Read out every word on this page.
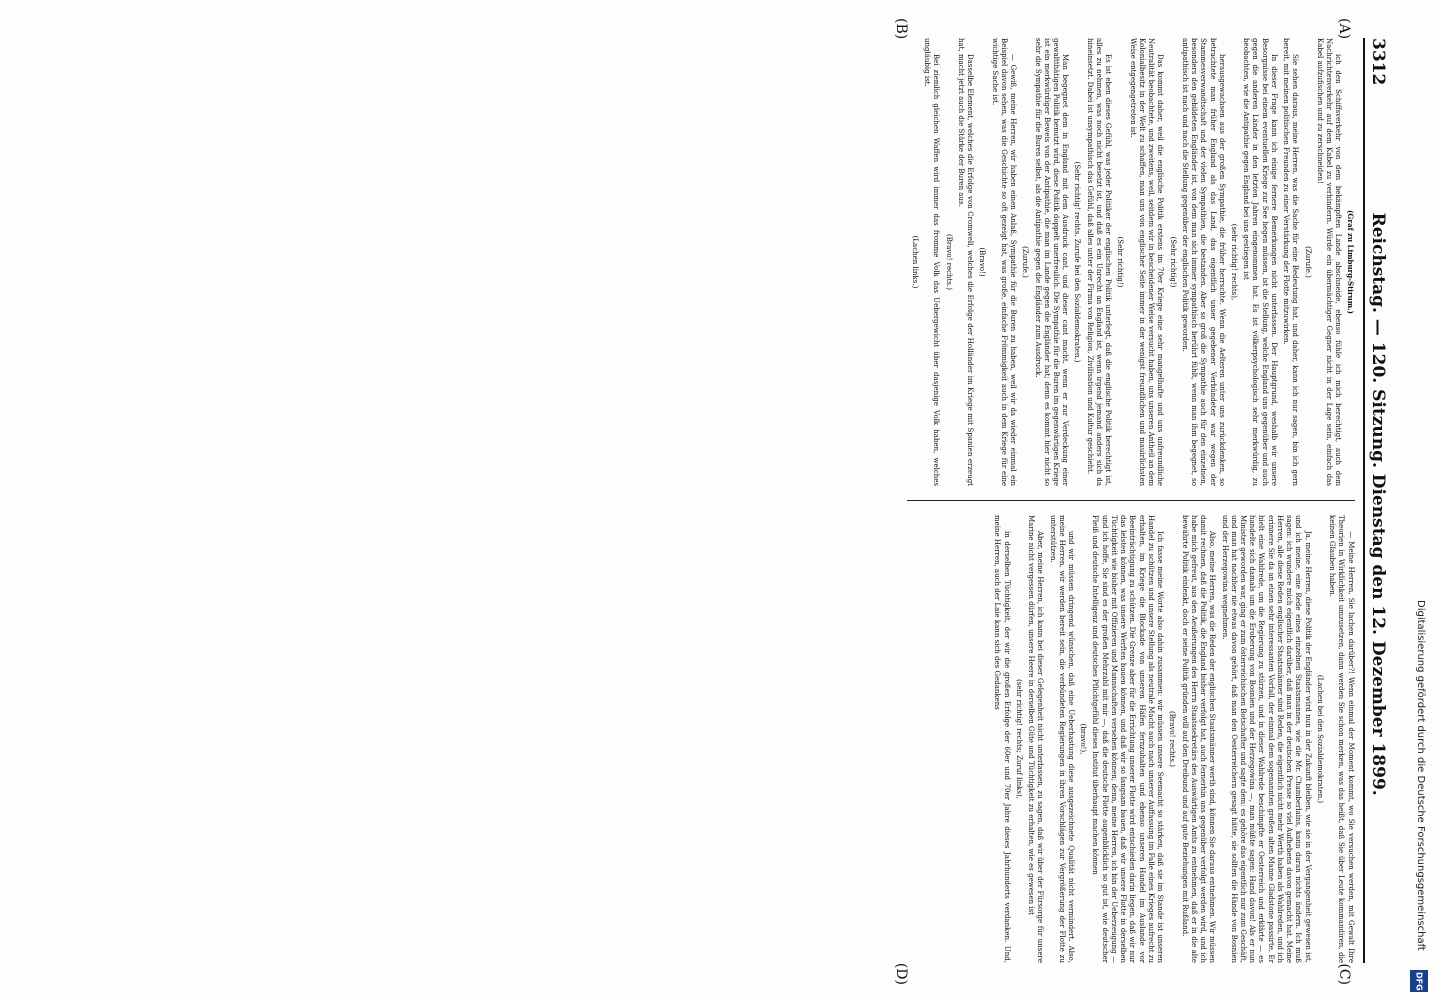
3312
Reichstag. — 120. Sitzung. Dienstag den 12. Dezember 1899.
(A)
(B)

(Graf zu Limburg-Stirum.)

ich den Schiffsverkehr von dem bekämpften Lande abschneide, ebenso fühle ich mich berechtigt, auch dem Nachrichtenverkehr auf dem Kabel zu verhindern. Würde ein übermächtiger Gegner nicht in der Lage sein, einfach das Kabel aufzufischen und zu zerschneiden!

(Zurufe.)

Sie sehen daraus, meine Herren, was die Sache für eine Bedeutung hat, und daher, kann ich nur sagen, bin ich gern bereit, mit meinen politischen Freunden zu einer Verstärkung der Flotte mitzuwirken.

In dieser Frage kann ich einige fernere Bemerkungen nicht unterlassen. Der Hauptgrund, weshalb wir unsere Besorgnisse bei einem eventuellen Kriege zur See hegen müssen, ist die Stellung, welche England uns gegenüber und auch gegen die anderen Länder in den letzten Jahren eingenommen hat. Es ist völkerpsychologisch sehr merkwürdig, zu beobachten, wie die Antipathie gegen England bei uns gestiegen ist

(sehr richtig! rechts),

herausgewachsen aus der großen Sympathie, die früher herrschte. Wenn die Aelteren unter uns zurückdenken, so betrachtete man früher England als das Land, das eigentlich unser gegebener Verbündeter war wegen der Stammesverwandtschaft und der vielen Sympathien, die bestanden. Aber so groß die Sympathie auch für den einzelnen, besonders den gebildeten Engländer ist, von dem man sich immer sympathisch berührt fühlt, wenn man ihm begegnet, so antipathisch ist nach und nach die Stellung gegenüber der englischen Politik geworden.

(Sehr richtig!)

Das kommt daher, weil die englische Politik erstens im 70er Kriege eine sehr mangelhafte und uns unfreundliche Neutralität beobachtete, und zweitens, weil, seitdem wir in bescheidener Weise versucht haben, uns unseren Antheil an dem Kolonialbesitz in der Welt zu schaffen, man uns von englischer Seite immer in der wenigst freundlichen und mauirlichsten Weise entgegengetreten ist.

(Sehr richtig!)

Es ist eben dieses Gefühl, was jeder Politiker der englischen Politik unterlegt, daß die englische Politik berechtigt ist, alles zu nehmen, was noch nicht besetzt ist, und daß es ein Unrecht an England ist, wenn irgend jemand anders sich da hineinsetzt. Dabei ist unsympathisch das Gefühl, daß alles unter der Firma von Religion, Zivilisation und Kultur geschieht.

(Sehr richtig! rechts. Zurufe bei den Sozialdemokraten.)

Man begegnet dem in England mit dem Ausdruck cant, und dieser cant macht, wenn er zur Verdeckung einer gewaltthätigen Politik benutzt wird, diese Politik doppelt unerfreulich. Die Sympathie für die Buren im gegenwärtigen Kriege ist ein merkwürdiger Beweis von der Antipathie, die man im Lande gegen die Engländer hat; denn es kommt hier nicht so sehr die Sympathie für die Buren selbst, als die Antipathie gegen die Engländer zum Ausdruck.

(Zurufe.)

— Gewiß, meine Herren, wir haben einen Anlaß, Sympathie für die Buren zu haben, weil wir da wieder einmal ein Beispiel davon sehen, was die Geschichte so oft gezeigt hat, was große, einfache Frömmigkeit auch in dem Kriege für eine wichtige Sache ist.

(Bravo!)

Dasselbe Element, welches die Erfolge von Cromwell, welches die Erfolge der Holländer im Kriege mit Spanien erzeugt hat, macht jetzt auch die Stärke der Buren aus.

(Bravo! rechts.)

Bei ziemlich gleichen Waffen wird immer das fromme Volk das Uebergewicht über dasjenige Volk haben, welches ungläubig ist.

(Lachen links.)

(C)
(D)

— Meine Herren, Sie lachen darüber?! Wenn einmal der Moment kommt, wo Sie versuchen werden, mit Gewalt Ihre Theorien in Wirklichkeit umzusetzen, dann werden Sie schon merken, was das heißt, daß Sie über Leute kommandiren, die keinen Glauben haben.

(Lachen bei den Sozialdemokraten.)

Ja, meine Herren, diese Politik der Engländer wird nun in der Zukunft bleiben, wie sie in der Vergangenheit gewesen ist, und ich meine, eine Rede eines einzelnen Staatsmannes, wie die Mr. Chamberlains, kann daran nichts ändern. Ich muß sagen: ich wundere mich eigentlich darüber, daß man in der deutschen Presse so viel Aufhebens davon gemacht hat. Meine Herren, alle diese Reden englischer Staatsmänner sind Reden, die eigentlich nicht mehr Werth haben als Wahlreden, und ich erinnere Sie da an einen sehr interessanten Vorfall, der einmal dem sogenannten großen alten Manne Gladstone passirte. Er hielt eine Wahlrede, um die Regierung zu stürzen, und in dieser Wahlrede beschimpfte er Oesterreich und erklärte — es handelte sich damals um die Eroberung von Bosnien und der Herzegowina —, man müßte sagen: Hand davon! Als er nun Minister geworden war, ging er zum österreichischen Botschafter und sagte dem: es gehöre das eigentlich nur zum Geschäft, und man hat nachher nie etwas davon gehört, daß man den Oesterreichern gesagt hätte, sie sollten die Hände von Bosnien und der Herzegowina wegnehmen.

Also, meine Herren, was die Reden der englischen Staatsmänner werth sind, können Sie daraus entnehmen. Wir müssen damit rechnen, daß die Politik, die England bisher verfolgt hat, auch fernerhin uns gegenüber verfolgt werden wird, und ich habe mich gefreut, aus den Aeußerungen des Herrn Staatssekretärs des Auswärtigen Amts zu entnehmen, daß er in die alte bewährte Politik einlenkt, doch er seine Politik gründen will auf den Dreibund und auf gute Beziehungen mit Rußland.

(Bravo! rechts.)

Ich fasse meine Worte also dahin zusammen: wir müssen unsere Seemacht so stärken, daß sie im Stande ist unseren Handel zu schützen und unsere Stellung als neutrale Macht auch nach unserer Auffassung im Falle eines Krieges aufrecht zu erhalten, im Kriege die Blockade von unseren Häfen fernzuhalten und ebenso unseren Handel im Auslande vor Beeinträchtigung zu schützen. Die Grenze aber für die Errichtung unserer Flotte wird entschieden darin liegen, daß wir nur das leisten können, was unsere Werften bauen können, und daß wir so langsam bauen, daß wir unsere Flotte in derselben Tüchtigkeit wie bisher mit Offizieren und Mannschaften versehen können; denn, meine Herren, ich bin der Ueberzeugung — und ich hoffe, Sie sind es der großen Mehrzahl mit mir —, daß die deutsche Flotte augenblicklich so gut ist, wie deutscher Fleiß und deutsche Intelligenz und deutsches Pflichtgefühl dieses Institut überhaupt machen können

(bravo!),

und wir müssen dringend wünschen, daß eine Ueberhastung diese ausgezeichnete Qualität nicht vermindert. Also, meine Herren, wir werden bereit sein, die verbündeten Regierungen in ihren Vorschlägen zur Vergrößerung der Flotte zu unterstützen.

Aber, meine Herren, ich kann bei dieser Gelegenheit nicht unterlassen, zu sagen, daß wir über der Fürsorge für unsere Marine nicht vergessen dürfen, unsere Heere in derselben Güte und Tüchtigkeit zu erhalten, wie es gewesen ist

(sehr richtig! rechts; Zuruf links),

in derselben Tüchtigkeit, der wir die großen Erfolge der 60er und 70er Jahre dieses Jahrhunderts verdanken. Und, meine Herren, auch der Laie kann sich des Gedankens	Digitalisierung gefördert durch die Deutsche Forschungsgemeinschaft
DFG
